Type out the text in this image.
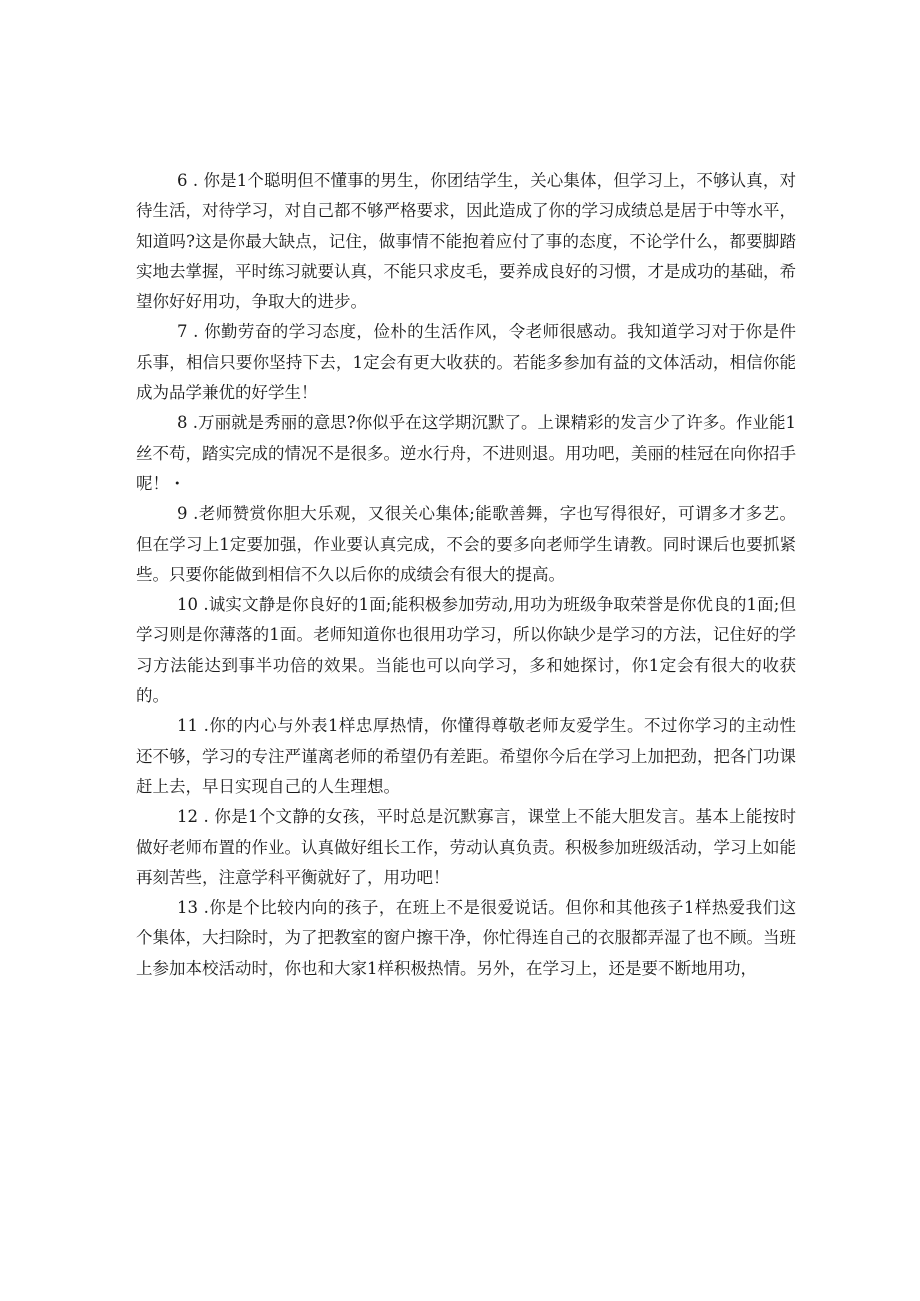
6 . 你是1个聪明但不懂事的男生，你团结学生，关心集体，但学习上，不够认真，对待生活，对待学习，对自己都不够严格要求，因此造成了你的学习成绩总是居于中等水平，知道吗?这是你最大缺点，记住，做事情不能抱着应付了事的态度，不论学什么，都要脚踏实地去掌握，平时练习就要认真，不能只求皮毛，要养成良好的习惯，才是成功的基础，希望你好好用功，争取大的进步。

7 . 你勤劳奋的学习态度，俭朴的生活作风，令老师很感动。我知道学习对于你是件乐事，相信只要你坚持下去，1定会有更大收获的。若能多参加有益的文体活动，相信你能成为品学兼优的好学生！

8 .万丽就是秀丽的意思?你似乎在这学期沉默了。上课精彩的发言少了许多。作业能1丝不苟，踏实完成的情况不是很多。逆水行舟，不进则退。用功吧，美丽的桂冠在向你招手呢！・

9 .老师赞赏你胆大乐观，又很关心集体;能歌善舞，字也写得很好，可谓多才多艺。但在学习上1定要加强，作业要认真完成，不会的要多向老师学生请教。同时课后也要抓紧些。只要你能做到相信不久以后你的成绩会有很大的提高。

10 .诚实文静是你良好的1面;能积极参加劳动,用功为班级争取荣誉是你优良的1面;但学习则是你薄落的1面。老师知道你也很用功学习，所以你缺少是学习的方法，记住好的学习方法能达到事半功倍的效果。当能也可以向学习，多和她探讨，你1定会有很大的收获的。

11 .你的内心与外表1样忠厚热情，你懂得尊敬老师友爱学生。不过你学习的主动性还不够，学习的专注严谨离老师的希望仍有差距。希望你今后在学习上加把劲，把各门功课赶上去，早日实现自己的人生理想。

12 . 你是1个文静的女孩，平时总是沉默寡言，课堂上不能大胆发言。基本上能按时做好老师布置的作业。认真做好组长工作，劳动认真负责。积极参加班级活动，学习上如能再刻苦些，注意学科平衡就好了，用功吧！

13 .你是个比较内向的孩子，在班上不是很爱说话。但你和其他孩子1样热爱我们这个集体，大扫除时，为了把教室的窗户擦干净，你忙得连自己的衣服都弄湿了也不顾。当班上参加本校活动时，你也和大家1样积极热情。另外，在学习上，还是要不断地用功，
